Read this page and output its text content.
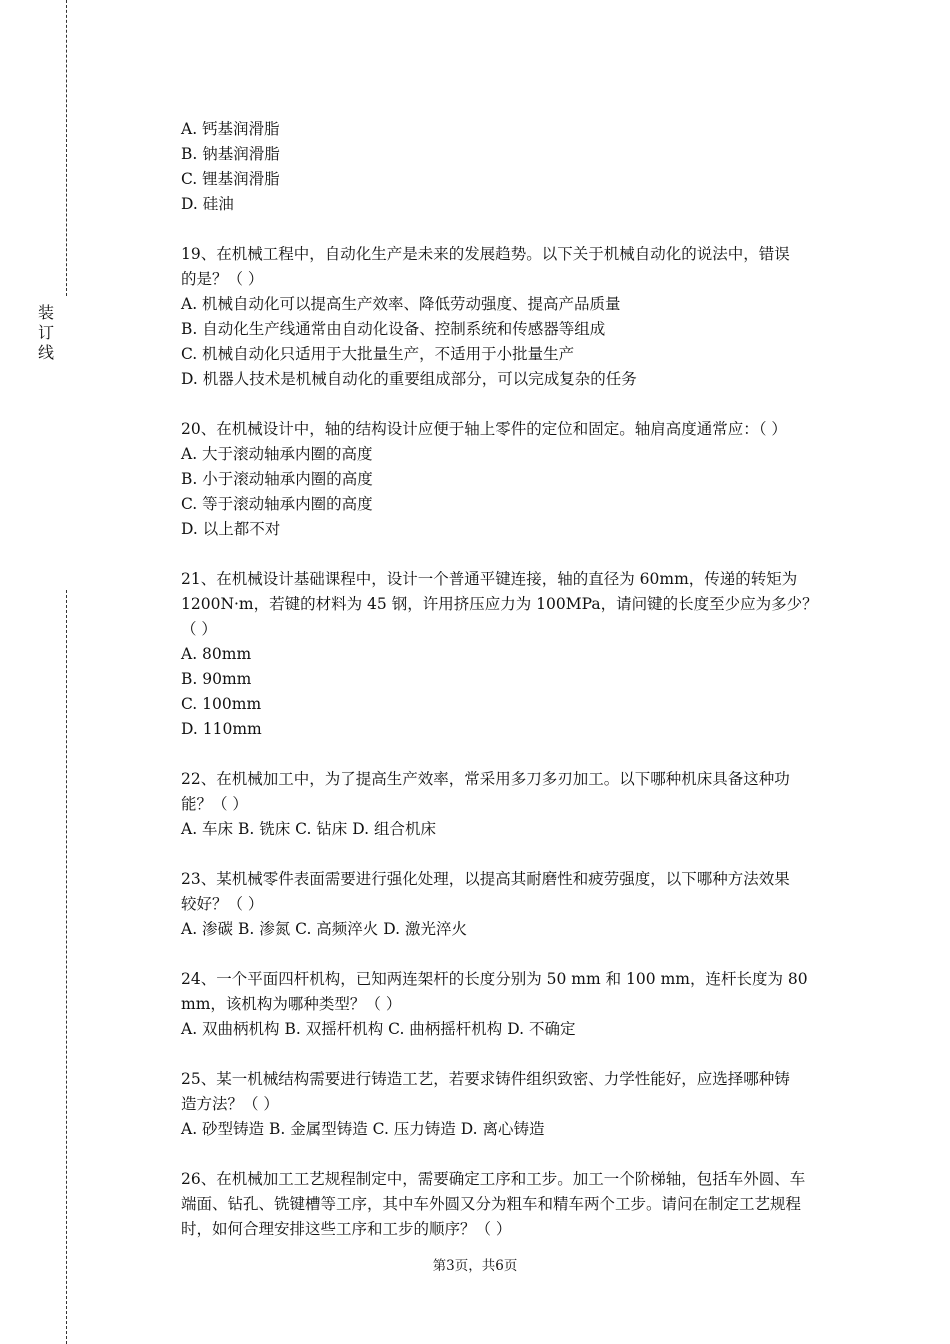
装订线
A. 钙基润滑脂
B. 钠基润滑脂
C. 锂基润滑脂
D. 硅油
19、在机械工程中，自动化生产是未来的发展趋势。以下关于机械自动化的说法中，错误
的是？（ ）
A. 机械自动化可以提高生产效率、降低劳动强度、提高产品质量
B. 自动化生产线通常由自动化设备、控制系统和传感器等组成
C. 机械自动化只适用于大批量生产，不适用于小批量生产
D. 机器人技术是机械自动化的重要组成部分，可以完成复杂的任务
20、在机械设计中，轴的结构设计应便于轴上零件的定位和固定。轴肩高度通常应：（ ）
A. 大于滚动轴承内圈的高度
B. 小于滚动轴承内圈的高度
C. 等于滚动轴承内圈的高度
D. 以上都不对
21、在机械设计基础课程中，设计一个普通平键连接，轴的直径为 60mm，传递的转矩为
1200N·m，若键的材料为 45 钢，许用挤压应力为 100MPa，请问键的长度至少应为多少？
（ ）
A. 80mm
B. 90mm
C. 100mm
D. 110mm
22、在机械加工中，为了提高生产效率，常采用多刀多刃加工。以下哪种机床具备这种功
能？（ ）
A. 车床 B. 铣床 C. 钻床 D. 组合机床
23、某机械零件表面需要进行强化处理，以提高其耐磨性和疲劳强度，以下哪种方法效果
较好？（ ）
A. 渗碳 B. 渗氮 C. 高频淬火 D. 激光淬火
24、一个平面四杆机构，已知两连架杆的长度分别为 50 mm 和 100 mm，连杆长度为 80
mm，该机构为哪种类型？（ ）
A. 双曲柄机构 B. 双摇杆机构 C. 曲柄摇杆机构 D. 不确定
25、某一机械结构需要进行铸造工艺，若要求铸件组织致密、力学性能好，应选择哪种铸
造方法？（ ）
A. 砂型铸造 B. 金属型铸造 C. 压力铸造 D. 离心铸造
26、在机械加工工艺规程制定中，需要确定工序和工步。加工一个阶梯轴，包括车外圆、车
端面、钻孔、铣键槽等工序，其中车外圆又分为粗车和精车两个工步。请问在制定工艺规程
时，如何合理安排这些工序和工步的顺序？（ ）
第3页，共6页
